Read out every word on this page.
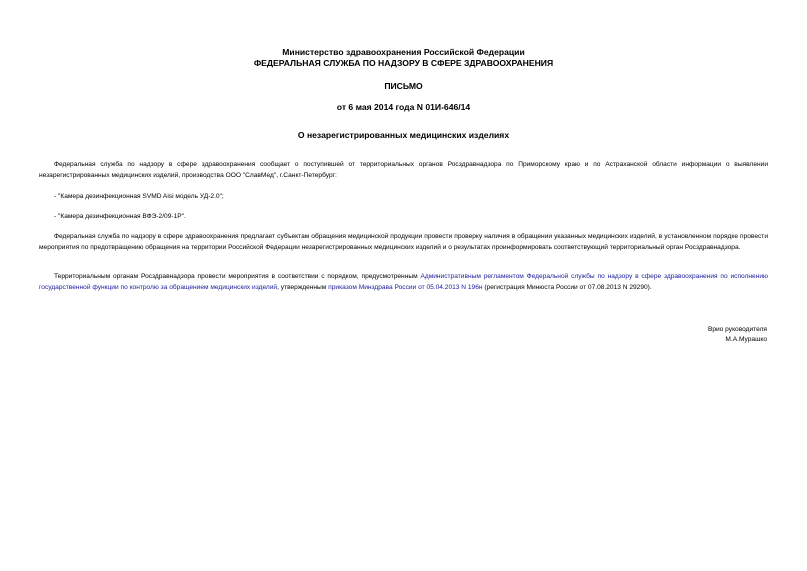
Министерство здравоохранения Российской Федерации
ФЕДЕРАЛЬНАЯ СЛУЖБА ПО НАДЗОРУ В СФЕРЕ ЗДРАВООХРАНЕНИЯ
ПИСЬМО
от 6 мая 2014 года N 01И-646/14
О незарегистрированных медицинских изделиях
Федеральная служба по надзору в сфере здравоохранения сообщает о поступившей от территориальных органов Росздравнадзора по Приморскому краю и по Астраханской области информации о выявлении незарегистрированных медицинских изделий, производства ООО "СлавМед", г.Санкт-Петербург:
- "Камера дезинфекционная SVMD Aisi модель УД-2.0";
- "Камера дезинфекционная ВФЭ-2/09-1Р".
Федеральная служба по надзору в сфере здравоохранения предлагает субъектам обращения медицинской продукции провести проверку наличия в обращении указанных медицинских изделий, в установленном порядке провести мероприятия по предотвращению обращения на территории Российской Федерации незарегистрированных медицинских изделий и о результатах проинформировать соответствующий территориальный орган Росздравнадзора.
Территориальным органам Росздравнадзора провести мероприятия в соответствии с порядком, предусмотренным Административным регламентом Федеральной службы по надзору в сфере здравоохранения по исполнению государственной функции по контролю за обращением медицинских изделий, утвержденным приказом Минздрава России от 05.04.2013 N 196н (регистрация Минюста России от 07.08.2013 N 29290).
Врио руководителя
М.А.Мурашко
